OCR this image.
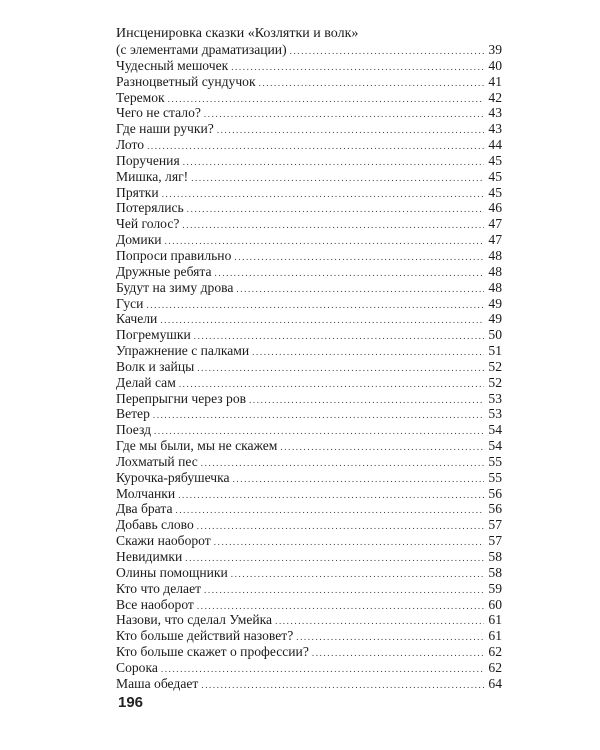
Инсценировка сказки «Козлятки и волк»
(с элементами драматизации) .....	39
Чудесный мешочек .....	40
Разноцветный сундучок .....	41
Теремок .....	42
Чего не стало? .....	43
Где наши ручки? .....	43
Лото .....	44
Поручения .....	45
Мишка, ляг! .....	45
Прятки .....	45
Потерялись .....	46
Чей голос? .....	47
Домики .....	47
Попроси правильно .....	48
Дружные ребята .....	48
Будут на зиму дрова .....	48
Гуси .....	49
Качели .....	49
Погремушки .....	50
Упражнение с палками .....	51
Волк и зайцы .....	52
Делай сам .....	52
Перепрыгни через ров .....	53
Ветер .....	53
Поезд .....	54
Где мы были, мы не скажем .....	54
Лохматый пес .....	55
Курочка-рябушечка .....	55
Молчанки .....	56
Два брата .....	56
Добавь слово .....	57
Скажи наоборот .....	57
Невидимки .....	58
Олины помощники .....	58
Кто что делает .....	59
Все наоборот .....	60
Назови, что сделал Умейка .....	61
Кто больше действий назовет? .....	61
Кто больше скажет о профессии? .....	62
Сорока .....	62
Маша обедает .....	64
196
